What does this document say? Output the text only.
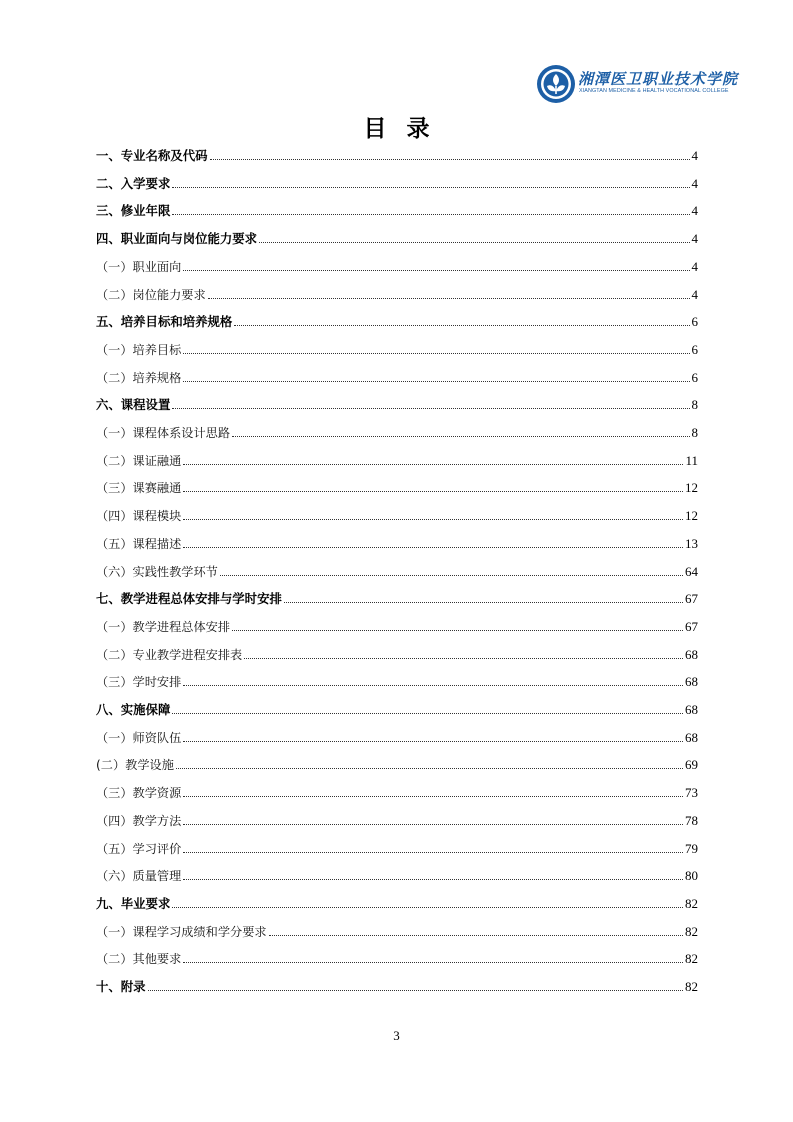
湘潭医卫职业技术学院
XIANGTAN MEDICINE & HEALTH VOCATIONAL COLLEGE
目录
一、专业名称及代码	4
二、入学要求	4
三、修业年限	4
四、职业面向与岗位能力要求	4
（一）职业面向	4
（二）岗位能力要求	4
五、培养目标和培养规格	6
（一）培养目标	6
（二）培养规格	6
六、课程设置	8
（一）课程体系设计思路	8
（二）课证融通	11
（三）课赛融通	12
（四）课程模块	12
（五）课程描述	13
（六）实践性教学环节	64
七、教学进程总体安排与学时安排	67
（一）教学进程总体安排	67
（二）专业教学进程安排表	68
（三）学时安排	68
八、实施保障	68
（一）师资队伍	68
(二）教学设施	69
（三）教学资源	73
（四）教学方法	78
（五）学习评价	79
（六）质量管理	80
九、毕业要求	82
（一）课程学习成绩和学分要求	82
（二）其他要求	82
十、附录	82
3
